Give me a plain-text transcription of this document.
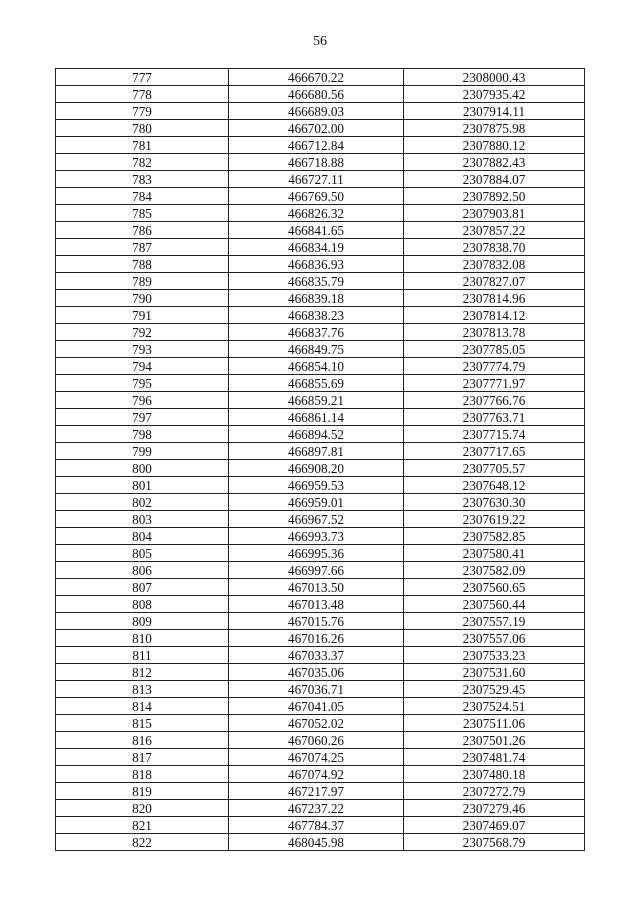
56
777	466670.22	2308000.43
778	466680.56	2307935.42
779	466689.03	2307914.11
780	466702.00	2307875.98
781	466712.84	2307880.12
782	466718.88	2307882.43
783	466727.11	2307884.07
784	466769.50	2307892.50
785	466826.32	2307903.81
786	466841.65	2307857.22
787	466834.19	2307838.70
788	466836.93	2307832.08
789	466835.79	2307827.07
790	466839.18	2307814.96
791	466838.23	2307814.12
792	466837.76	2307813.78
793	466849.75	2307785.05
794	466854.10	2307774.79
795	466855.69	2307771.97
796	466859.21	2307766.76
797	466861.14	2307763.71
798	466894.52	2307715.74
799	466897.81	2307717.65
800	466908.20	2307705.57
801	466959.53	2307648.12
802	466959.01	2307630.30
803	466967.52	2307619.22
804	466993.73	2307582.85
805	466995.36	2307580.41
806	466997.66	2307582.09
807	467013.50	2307560.65
808	467013.48	2307560.44
809	467015.76	2307557.19
810	467016.26	2307557.06
811	467033.37	2307533.23
812	467035.06	2307531.60
813	467036.71	2307529.45
814	467041.05	2307524.51
815	467052.02	2307511.06
816	467060.26	2307501.26
817	467074.25	2307481.74
818	467074.92	2307480.18
819	467217.97	2307272.79
820	467237.22	2307279.46
821	467784.37	2307469.07
822	468045.98	2307568.79
